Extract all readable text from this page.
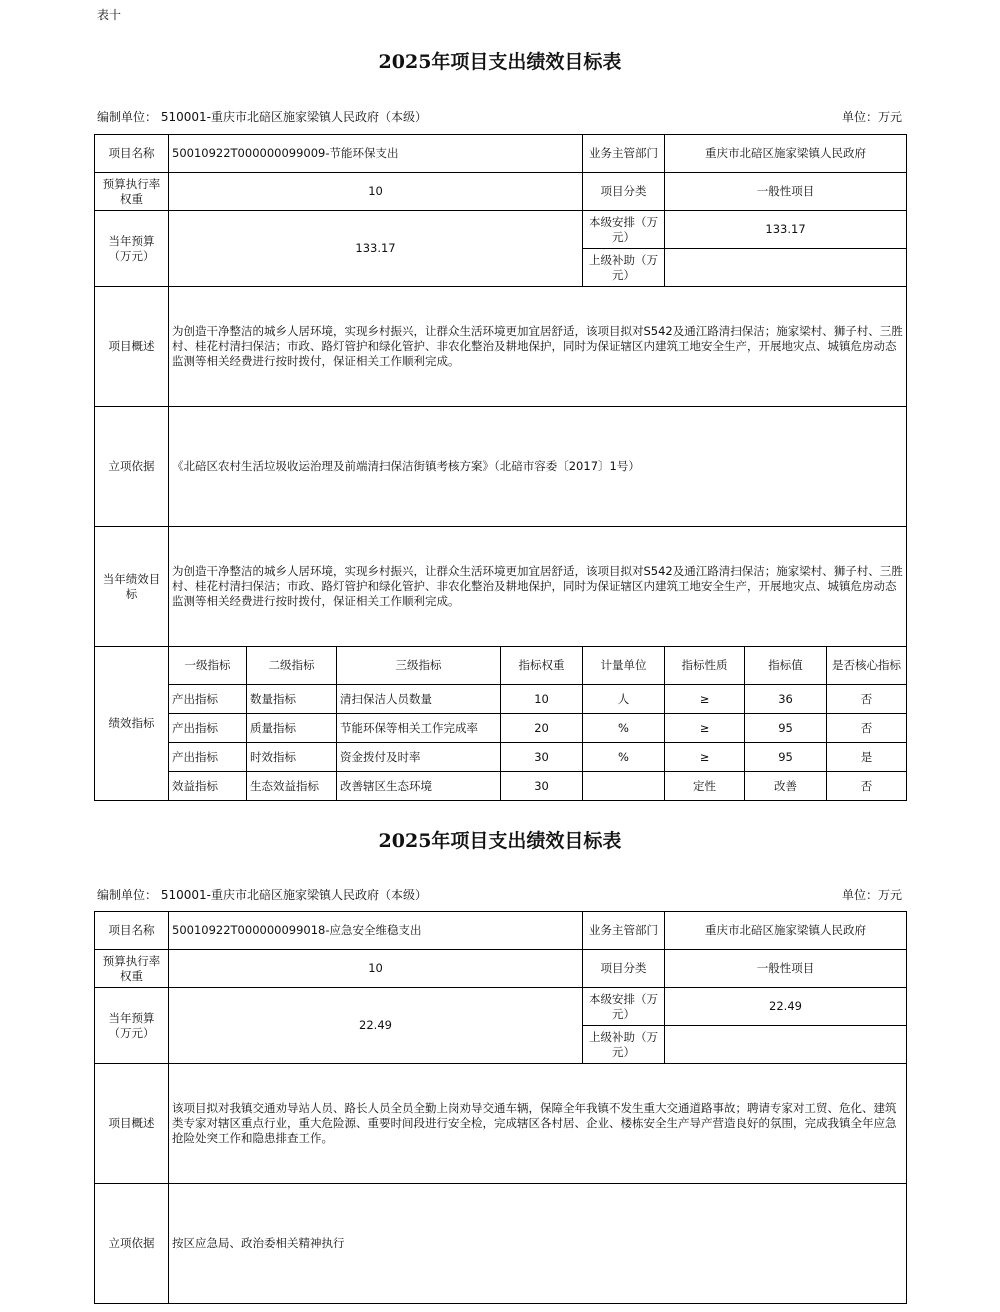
表十
2025年项目支出绩效目标表
编制单位： 510001-重庆市北碚区施家梁镇人民政府（本级）	单位：万元
项目名称	50010922T000000099009-节能环保支出				业务主管部门	重庆市北碚区施家梁镇人民政府		
预算执行率权重	10				项目分类	一般性项目		
当年预算（万元）	133.17				本级安排（万元）	133.17		
					上级补助（万元）			
项目概述	为创造干净整洁的城乡人居环境，实现乡村振兴，让群众生活环境更加宜居舒适，该项目拟对S542及通江路清扫保洁；施家梁村、狮子村、三胜村、桂花村清扫保洁；市政、路灯管护和绿化管护、非农化整治及耕地保护，同时为保证辖区内建筑工地安全生产，开展地灾点、城镇危房动态监测等相关经费进行按时拨付，保证相关工作顺利完成。							
立项依据	《北碚区农村生活垃圾收运治理及前端清扫保洁街镇考核方案》（北碚市容委〔2017〕1号）							
当年绩效目标	为创造干净整洁的城乡人居环境，实现乡村振兴，让群众生活环境更加宜居舒适，该项目拟对S542及通江路清扫保洁；施家梁村、狮子村、三胜村、桂花村清扫保洁；市政、路灯管护和绿化管护、非农化整治及耕地保护，同时为保证辖区内建筑工地安全生产，开展地灾点、城镇危房动态监测等相关经费进行按时拨付，保证相关工作顺利完成。							
绩效指标	一级指标	二级指标	三级指标	指标权重	计量单位	指标性质	指标值	是否核心指标
	产出指标	数量指标	清扫保洁人员数量	10	人	≥	36	否
	产出指标	质量指标	节能环保等相关工作完成率	20	%	≥	95	否
	产出指标	时效指标	资金拨付及时率	30	%	≥	95	是
	效益指标	生态效益指标	改善辖区生态环境	30		定性	改善	否
2025年项目支出绩效目标表
编制单位： 510001-重庆市北碚区施家梁镇人民政府（本级）	单位：万元
项目名称	50010922T000000099018-应急安全维稳支出	业务主管部门	重庆市北碚区施家梁镇人民政府
预算执行率权重	10	项目分类	一般性项目
当年预算（万元）	22.49	本级安排（万元）	22.49
		上级补助（万元）	
项目概述	该项目拟对我镇交通劝导站人员、路长人员全员全勤上岗劝导交通车辆，保障全年我镇不发生重大交通道路事故；聘请专家对工贸、危化、建筑类专家对辖区重点行业，重大危险源、重要时间段进行安全检，完成辖区各村居、企业、楼栋安全生产导产营造良好的氛围，完成我镇全年应急抢险处突工作和隐患排查工作。		
立项依据	按区应急局、政治委相关精神执行		
